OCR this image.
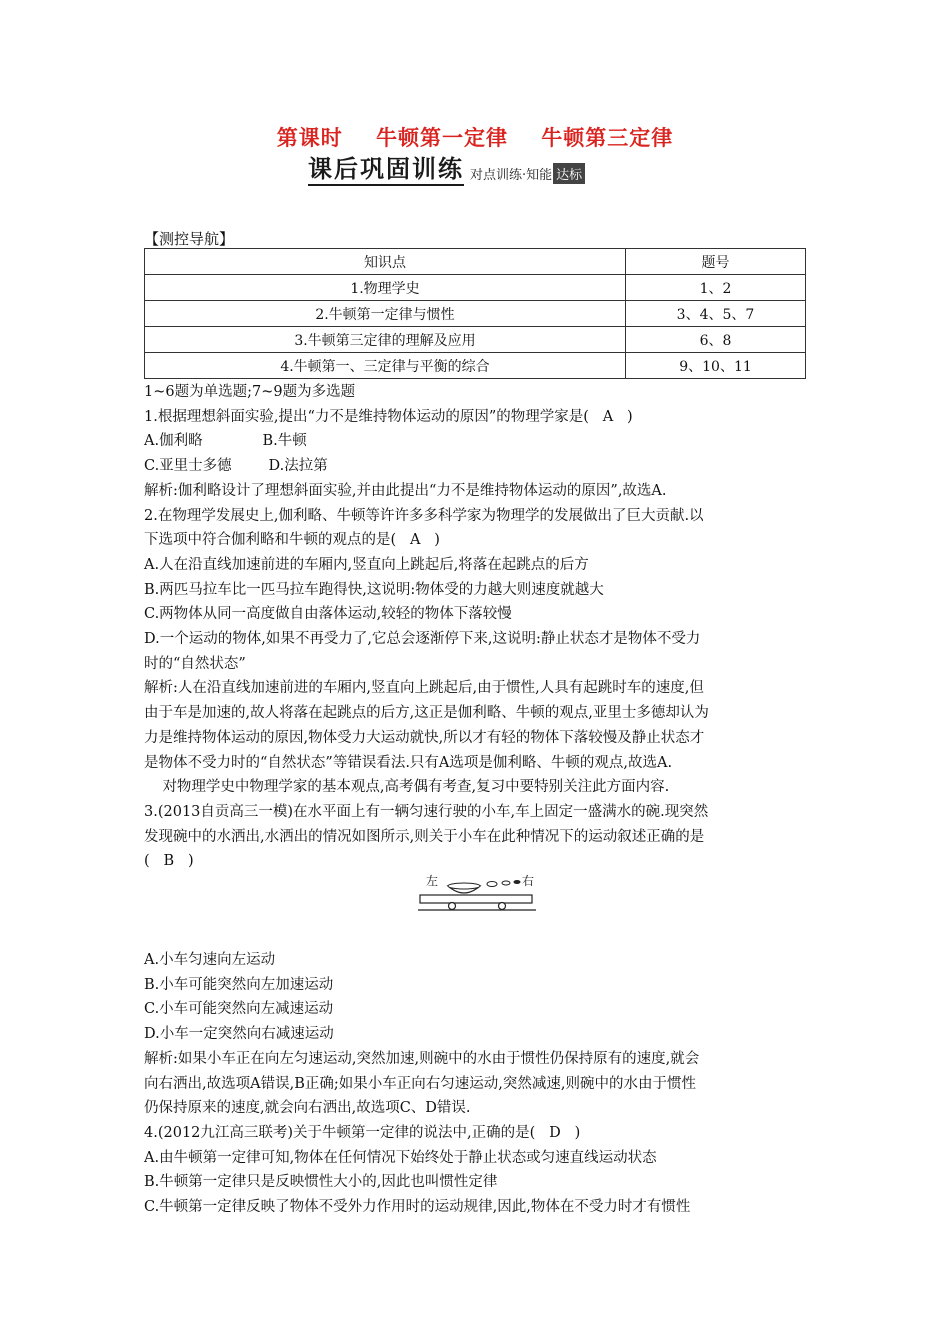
第课时    牛顿第一定律    牛顿第三定律
课后巩固训练 对点训练·知能 达标
【测控导航】
知识点	题号
1.物理学史	1、2
2.牛顿第一定律与惯性	3、4、5、7
3.牛顿第三定律的理解及应用	6、8
4.牛顿第一、三定律与平衡的综合	9、10、11

1~6题为单选题;7~9题为多选题

1.根据理想斜面实验,提出“力不是维持物体运动的原因”的物理学家是(   A   )

A.伽利略             B.牛顿

C.亚里士多德        D.法拉第

解析:伽利略设计了理想斜面实验,并由此提出“力不是维持物体运动的原因”,故选A.

2.在物理学发展史上,伽利略、牛顿等许许多多科学家为物理学的发展做出了巨大贡献.以

下选项中符合伽利略和牛顿的观点的是(   A   )

A.人在沿直线加速前进的车厢内,竖直向上跳起后,将落在起跳点的后方

B.两匹马拉车比一匹马拉车跑得快,这说明:物体受的力越大则速度就越大

C.两物体从同一高度做自由落体运动,较轻的物体下落较慢

D.一个运动的物体,如果不再受力了,它总会逐渐停下来,这说明:静止状态才是物体不受力

时的“自然状态”

解析:人在沿直线加速前进的车厢内,竖直向上跳起后,由于惯性,人具有起跳时车的速度,但

由于车是加速的,故人将落在起跳点的后方,这正是伽利略、牛顿的观点,亚里士多德却认为

力是维持物体运动的原因,物体受力大运动就快,所以才有轻的物体下落较慢及静止状态才

是物体不受力时的“自然状态”等错误看法.只有A选项是伽利略、牛顿的观点,故选A.

对物理学史中物理学家的基本观点,高考偶有考查,复习中要特别关注此方面内容.

3.(2013自贡高三一模)在水平面上有一辆匀速行驶的小车,车上固定一盛满水的碗.现突然

发现碗中的水洒出,水洒出的情况如图所示,则关于小车在此种情况下的运动叙述正确的是

(   B   )

A.小车匀速向左运动

B.小车可能突然向左加速运动

C.小车可能突然向左减速运动

D.小车一定突然向右减速运动

解析:如果小车正在向左匀速运动,突然加速,则碗中的水由于惯性仍保持原有的速度,就会

向右洒出,故选项A错误,B正确;如果小车正向右匀速运动,突然减速,则碗中的水由于惯性

仍保持原来的速度,就会向右洒出,故选项C、D错误.

4.(2012九江高三联考)关于牛顿第一定律的说法中,正确的是(   D   )

A.由牛顿第一定律可知,物体在任何情况下始终处于静止状态或匀速直线运动状态

B.牛顿第一定律只是反映惯性大小的,因此也叫惯性定律

C.牛顿第一定律反映了物体不受外力作用时的运动规律,因此,物体在不受力时才有惯性

左	右
